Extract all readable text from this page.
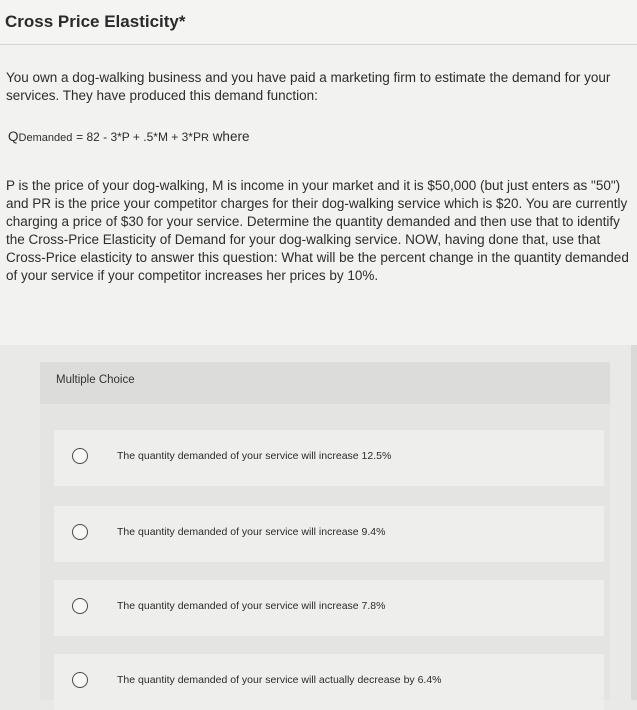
Cross Price Elasticity*
You own a dog-walking business and you have paid a marketing firm to estimate the demand for your services. They have produced this demand function:
QDemanded = 82 - 3*P + .5*M + 3*PR where
P is the price of your dog-walking, M is income in your market and it is $50,000 (but just enters as "50") and PR is the price your competitor charges for their dog-walking service which is $20. You are currently charging a price of $30 for your service. Determine the quantity demanded and then use that to identify the Cross-Price Elasticity of Demand for your dog-walking service. NOW, having done that, use that Cross-Price elasticity to answer this question: What will be the percent change in the quantity demanded of your service if your competitor increases her prices by 10%.
Multiple Choice
The quantity demanded of your service will increase 12.5%
The quantity demanded of your service will increase 9.4%
The quantity demanded of your service will increase 7.8%
The quantity demanded of your service will actually decrease by 6.4%
